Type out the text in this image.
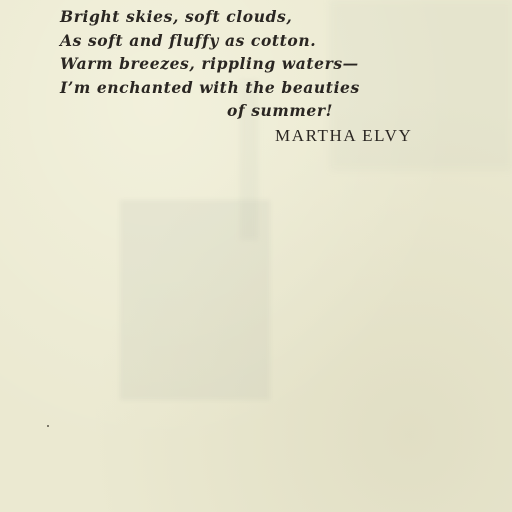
Bright skies, soft clouds,
As soft and fluffy as cotton.
Warm breezes, rippling waters—
I’m enchanted with the beauties
of summer!
MARTHA ELVY
